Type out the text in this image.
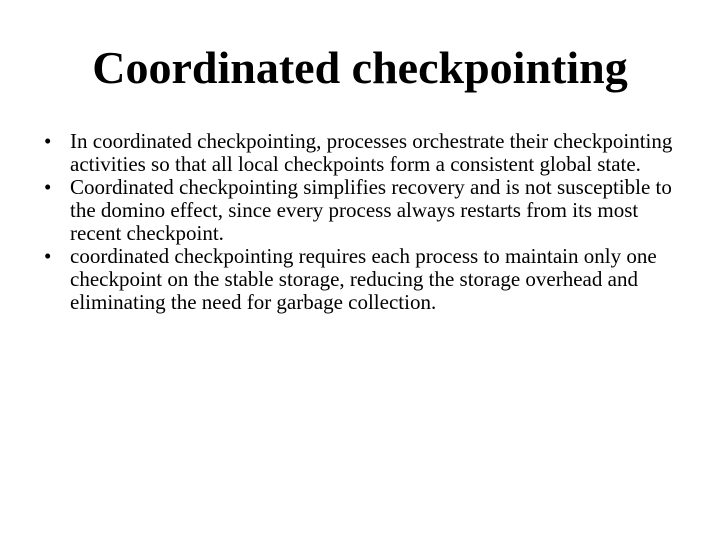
Coordinated checkpointing
• In coordinated checkpointing, processes orchestrate their checkpointing activities so that all local checkpoints form a consistent global state.
• Coordinated checkpointing simplifies recovery and is not susceptible to the domino effect, since every process always restarts from its most recent checkpoint.
• coordinated checkpointing requires each process to maintain only one checkpoint on the stable storage, reducing the storage overhead and eliminating the need for garbage collection.
